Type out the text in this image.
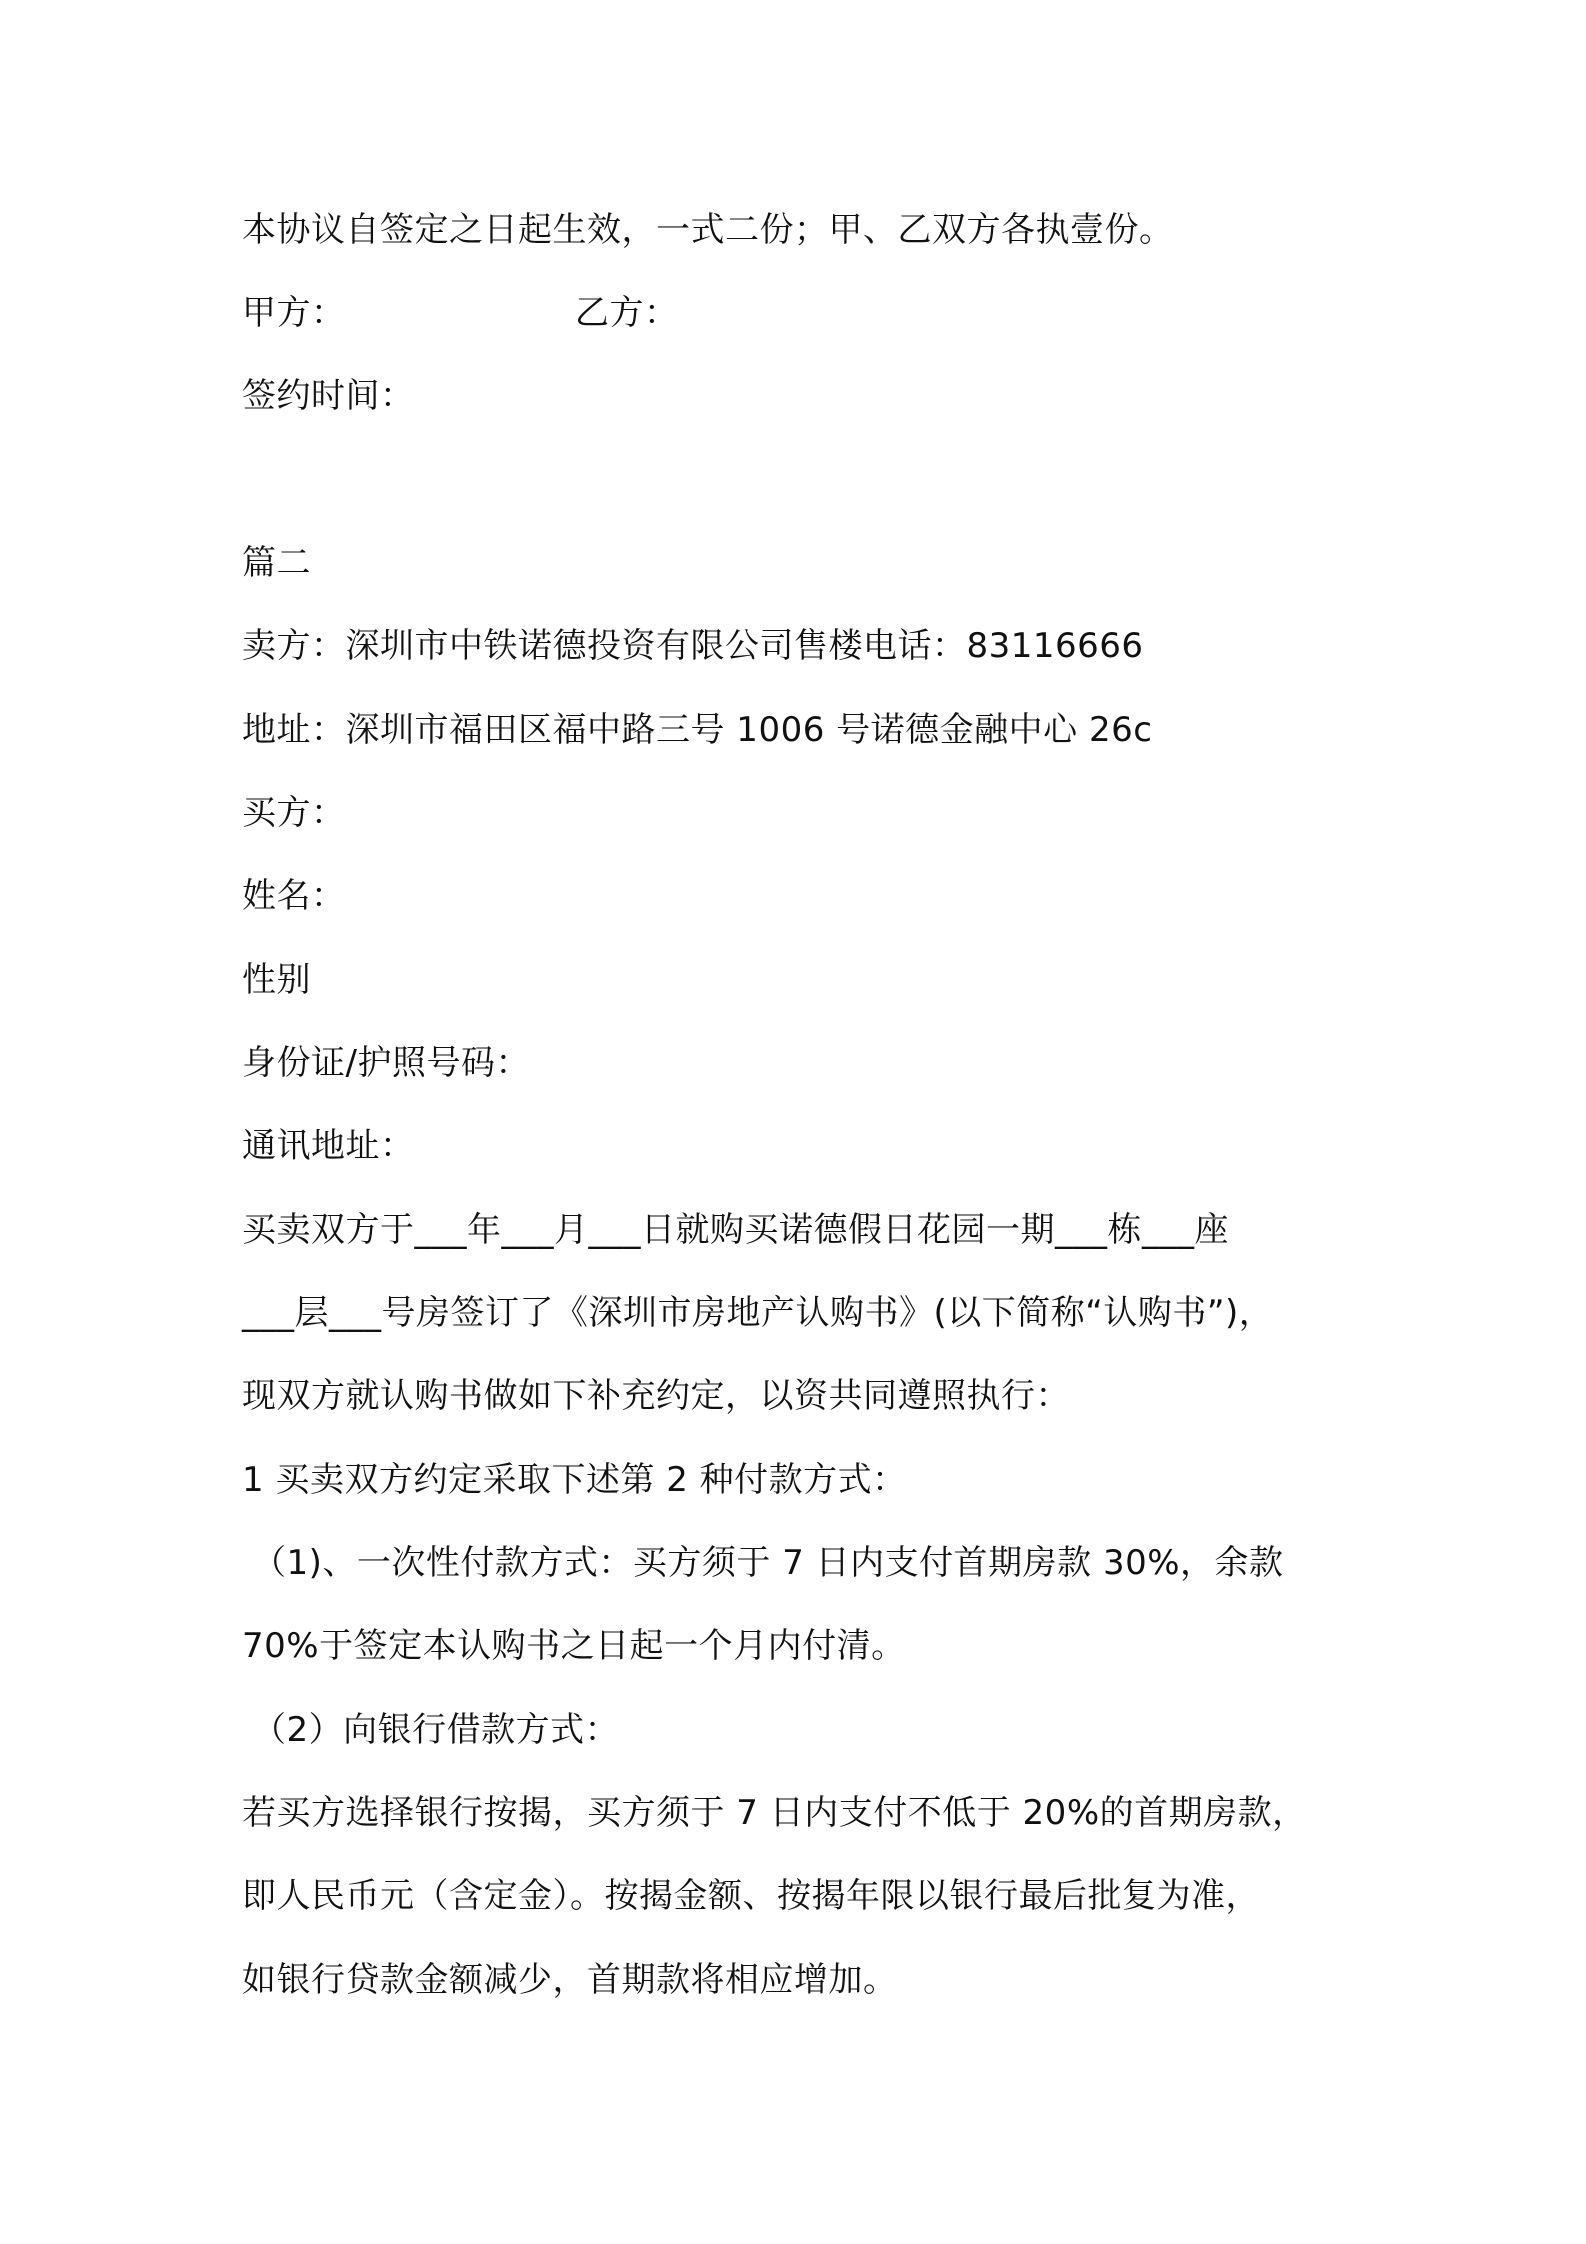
本协议自签定之日起生效，一式二份；甲、乙双方各执壹份。
甲方：	乙方：
签约时间：
篇二
卖方：深圳市中铁诺德投资有限公司售楼电话：83116666
地址：深圳市福田区福中路三号 1006 号诺德金融中心 26c
买方：
姓名：
性别
身份证/护照号码：
通讯地址：
买卖双方于___年___月___日就购买诺德假日花园一期___栋___座
___层___号房签订了《深圳市房地产认购书》(以下简称“认购书”)，
现双方就认购书做如下补充约定，以资共同遵照执行：
1 买卖双方约定采取下述第 2 种付款方式：
（1)、一次性付款方式：买方须于 7 日内支付首期房款 30%，余款
70%于签定本认购书之日起一个月内付清。
（2）向银行借款方式：
若买方选择银行按揭，买方须于 7 日内支付不低于 20%的首期房款，
即人民币元（含定金）。按揭金额、按揭年限以银行最后批复为准，
如银行贷款金额减少，首期款将相应增加。
